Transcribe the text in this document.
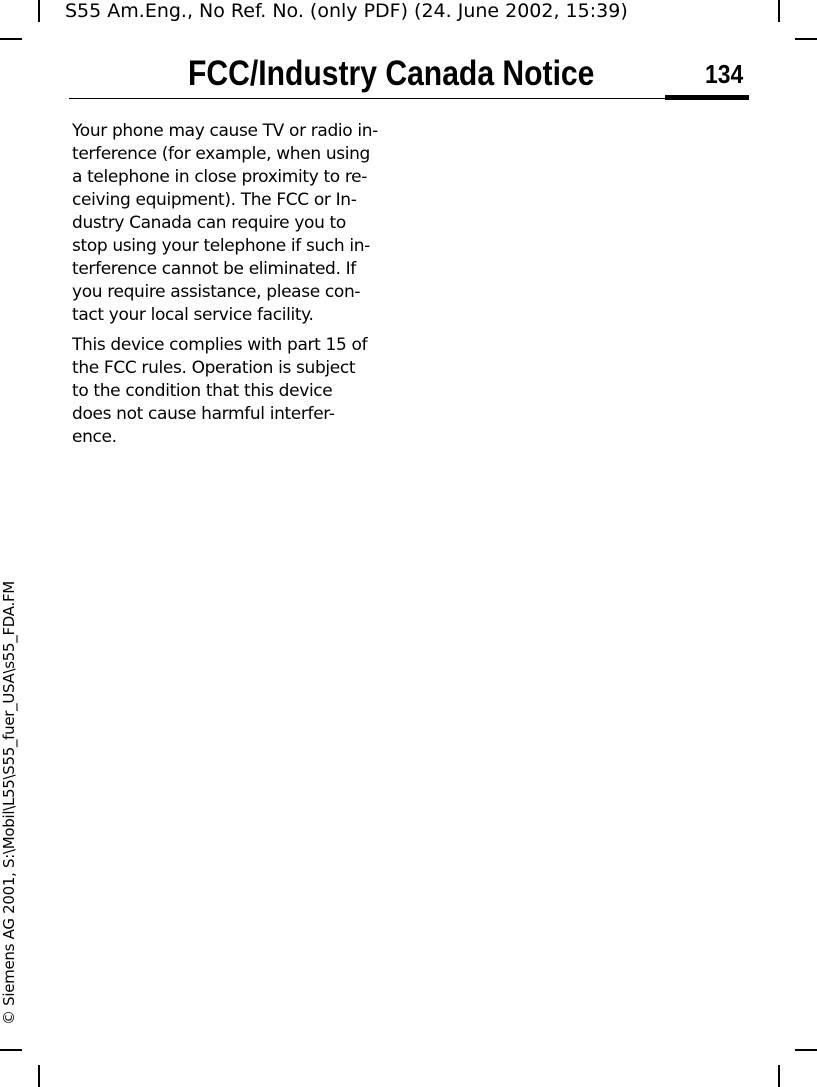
S55 Am.Eng., No Ref. No. (only PDF) (24. June 2002, 15:39)
FCC/Industry Canada Notice	134

Your phone may cause TV or radio in-
terference (for example, when using
a telephone in close proximity to re-
ceiving equipment). The FCC or In-
dustry Canada can require you to
stop using your telephone if such in-
terference cannot be eliminated. If
you require assistance, please con-
tact your local service facility.

This device complies with part 15 of
the FCC rules. Operation is subject
to the condition that this device
does not cause harmful interfer-
ence.

© Siemens AG 2001, S:\Mobil\L55\S55_fuer_USA\s55_FDA.FM
